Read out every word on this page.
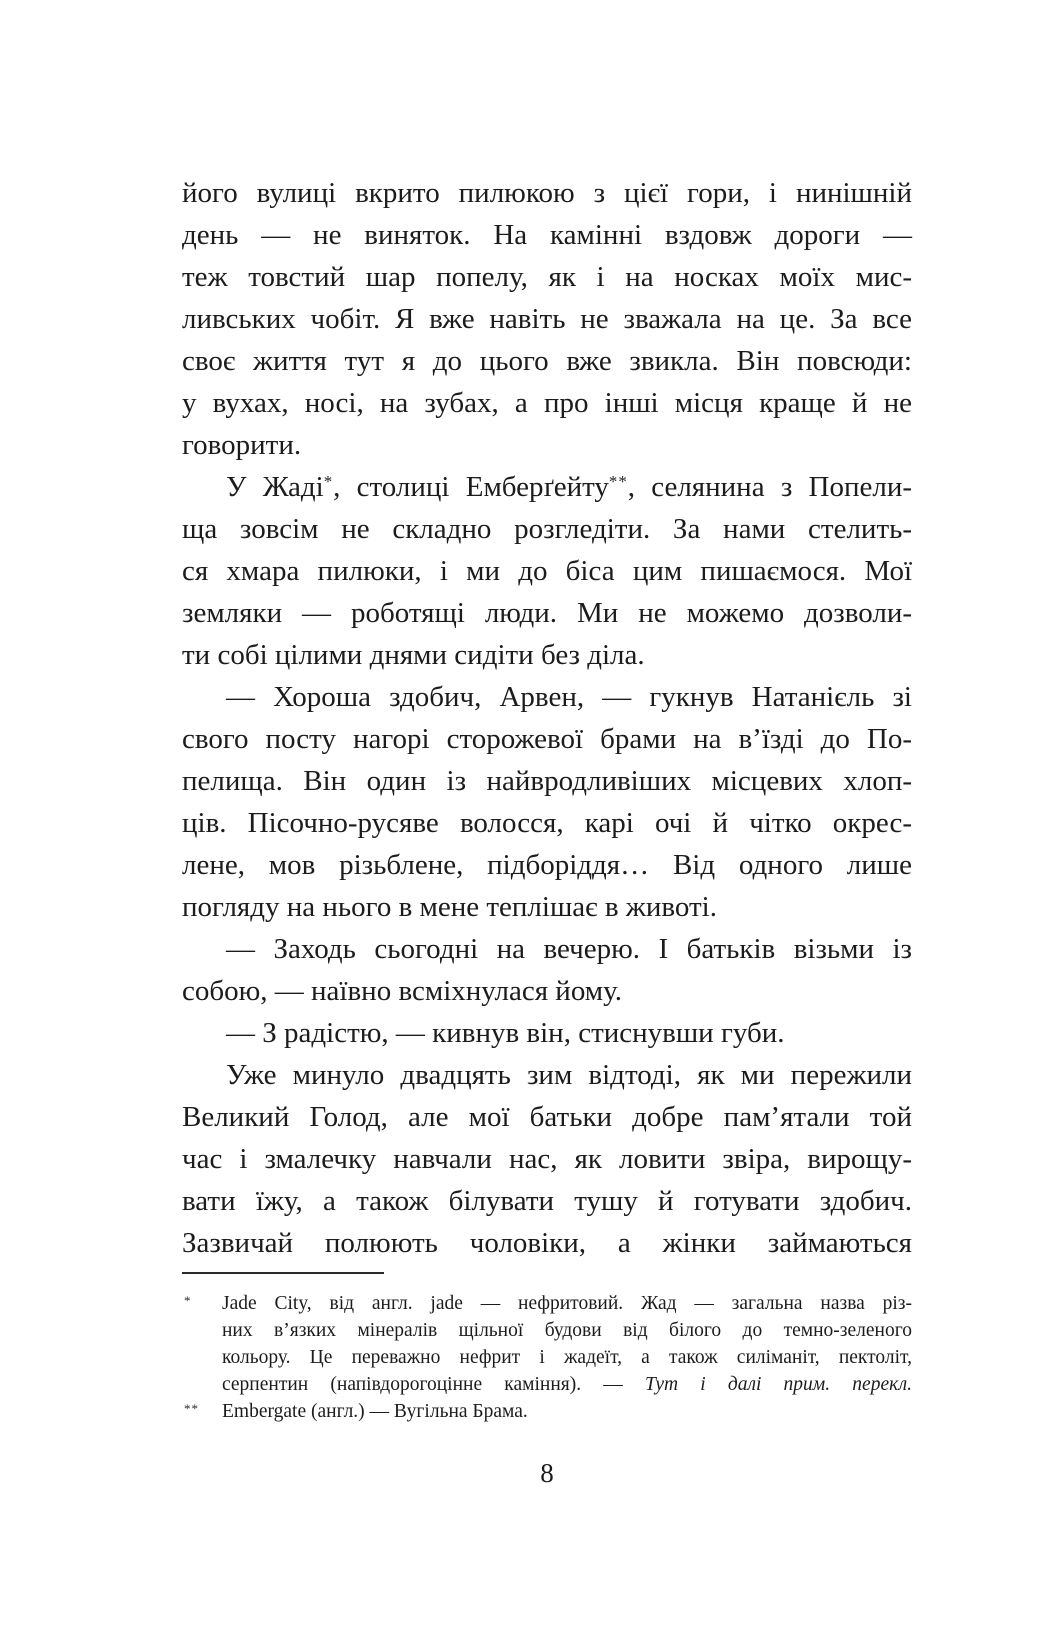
його вулиці вкрито пилюкою з цієї гори, і нинішній
день — не виняток. На камінні вздовж дороги —
теж товстий шар попелу, як і на носках моїх мис-
ливських чобіт. Я вже навіть не зважала на це. За все
своє життя тут я до цього вже звикла. Він повсюди:
у вухах, носі, на зубах, а про інші місця краще й не
говорити.
У Жаді*, столиці Емберґейту**, селянина з Попели-
ща зовсім не складно розгледіти. За нами стелить-
ся хмара пилюки, і ми до біса цим пишаємося. Мої
земляки — роботящі люди. Ми не можемо дозволи-
ти собі цілими днями сидіти без діла.
— Хороша здобич, Арвен, — гукнув Натанієль зі
свого посту нагорі сторожевої брами на в’їзді до По-
пелища. Він один із найвродливіших місцевих хлоп-
ців. Пісочно-русяве волосся, карі очі й чітко окрес-
лене, мов різьблене, підборіддя… Від одного лише
погляду на нього в мене теплішає в животі.
— Заходь сьогодні на вечерю. І батьків візьми із
собою, — наївно всміхнулася йому.
— З радістю, — кивнув він, стиснувши губи.
Уже минуло двадцять зим відтоді, як ми пережили
Великий Голод, але мої батьки добре пам’ятали той
час і змалечку навчали нас, як ловити звіра, вирощу-
вати їжу, а також білувати тушу й готувати здобич.
Зазвичай полюють чоловіки, а жінки займаються
* Jade City, від англ. jade — нефритовий. Жад — загальна назва різ-
них в’язких мінералів щільної будови від білого до темно-зеленого
кольору. Це переважно нефрит і жадеїт, а також силіманіт, пектоліт,
серпентин (напівдорогоцінне каміння). — Тут і далі прим. перекл.
** Embergate (англ.) — Вугільна Брама.
8
